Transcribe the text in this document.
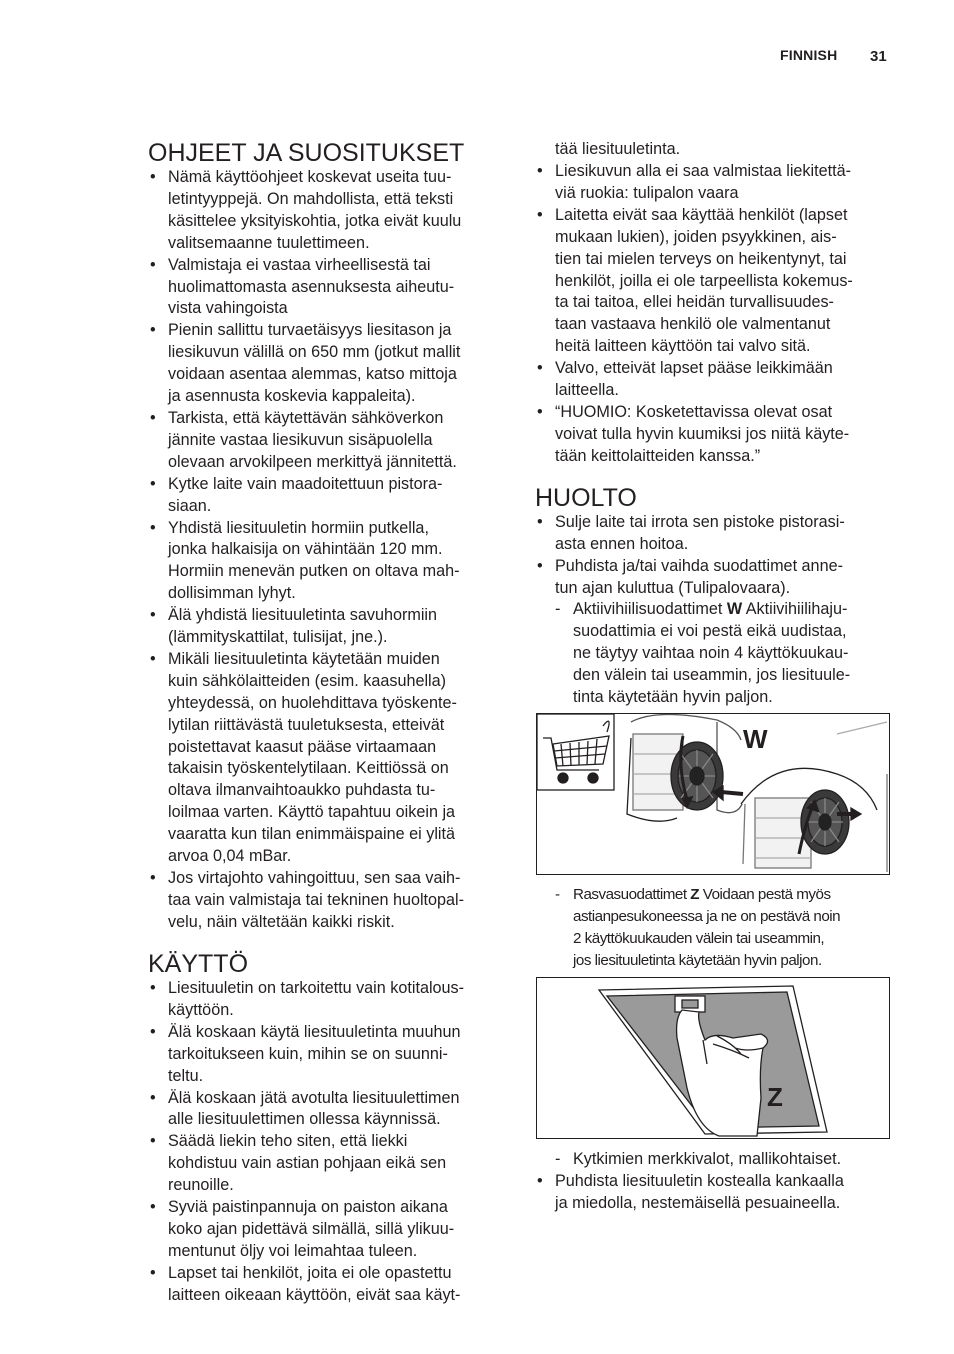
FINNISH 31
OHJEET JA SUOSITUKSET
• Nämä käyttöohjeet koskevat useita tuu-
letintyyppejä. On mahdollista, että teksti
käsittelee yksityiskohtia, jotka eivät kuulu
valitsemaanne tuulettimeen.
• Valmistaja ei vastaa virheellisestä tai
huolimattomasta asennuksesta aiheutu-
vista vahingoista
• Pienin sallittu turvaetäisyys liesitason ja
liesikuvun välillä on 650 mm (jotkut mallit
voidaan asentaa alemmas, katso mittoja
ja asennusta koskevia kappaleita).
• Tarkista, että käytettävän sähköverkon
jännite vastaa liesikuvun sisäpuolella
olevaan arvokilpeen merkittyä jännitettä.
• Kytke laite vain maadoitettuun pistora-
siaan.
• Yhdistä liesituuletin hormiin putkella,
jonka halkaisija on vähintään 120 mm.
Hormiin menevän putken on oltava mah-
dollisimman lyhyt.
• Älä yhdistä liesituuletinta savuhormiin
(lämmityskattilat, tulisijat, jne.).
• Mikäli liesituuletinta käytetään muiden
kuin sähkölaitteiden (esim. kaasuhella)
yhteydessä, on huolehdittava työskente-
lytilan riittävästä tuuletuksesta, etteivät
poistettavat kaasut pääse virtaamaan
takaisin työskentelytilaan. Keittiössä on
oltava ilmanvaihtoaukko puhdasta tu-
loilmaa varten. Käyttö tapahtuu oikein ja
vaaratta kun tilan enimmäispaine ei ylitä
arvoa 0,04 mBar.
• Jos virtajohto vahingoittuu, sen saa vaih-
taa vain valmistaja tai tekninen huoltopal-
velu, näin vältetään kaikki riskit.
KÄYTTÖ
• Liesituuletin on tarkoitettu vain kotitalous-
käyttöön.
• Älä koskaan käytä liesituuletinta muuhun
tarkoitukseen kuin, mihin se on suunni-
teltu.
• Älä koskaan jätä avotulta liesituulettimen
alle liesituulettimen ollessa käynnissä.
• Säädä liekin teho siten, että liekki
kohdistuu vain astian pohjaan eikä sen
reunoille.
• Syviä paistinpannuja on paiston aikana
koko ajan pidettävä silmällä, sillä ylikuu-
mentunut öljy voi leimahtaa tuleen.
• Lapset tai henkilöt, joita ei ole opastettu
laitteen oikeaan käyttöön, eivät saa käyt-
tää liesituuletinta.
• Liesikuvun alla ei saa valmistaa liekitettä-
viä ruokia: tulipalon vaara
• Laitetta eivät saa käyttää henkilöt (lapset
mukaan lukien), joiden psyykkinen, ais-
tien tai mielen terveys on heikentynyt, tai
henkilöt, joilla ei ole tarpeellista kokemus-
ta tai taitoa, ellei heidän turvallisuudes-
taan vastaava henkilö ole valmentanut
heitä laitteen käyttöön tai valvo sitä.
• Valvo, etteivät lapset pääse leikkimään
laitteella.
• “HUOMIO: Kosketettavissa olevat osat
voivat tulla hyvin kuumiksi jos niitä käyte-
tään keittolaitteiden kanssa.”
HUOLTO
• Sulje laite tai irrota sen pistoke pistorasi-
asta ennen hoitoa.
• Puhdista ja/tai vaihda suodattimet anne-
tun ajan kuluttua (Tulipalovaara).
- Aktiivihiilisuodattimet W Aktiivihiilihaju-
suodattimia ei voi pestä eikä uudistaa,
ne täytyy vaihtaa noin 4 käyttökuukau-
den välein tai useammin, jos liesituule-
tinta käytetään hyvin paljon.
- Rasvasuodattimet Z Voidaan pestä myös
astianpesukoneessa ja ne on pestävä noin
2 käyttökuukauden välein tai useammin,
jos liesituuletinta käytetään hyvin paljon.
- Kytkimien merkkivalot, mallikohtaiset.
• Puhdista liesituuletin kostealla kankaalla
ja miedolla, nestemäisellä pesuaineella.
W
Z
